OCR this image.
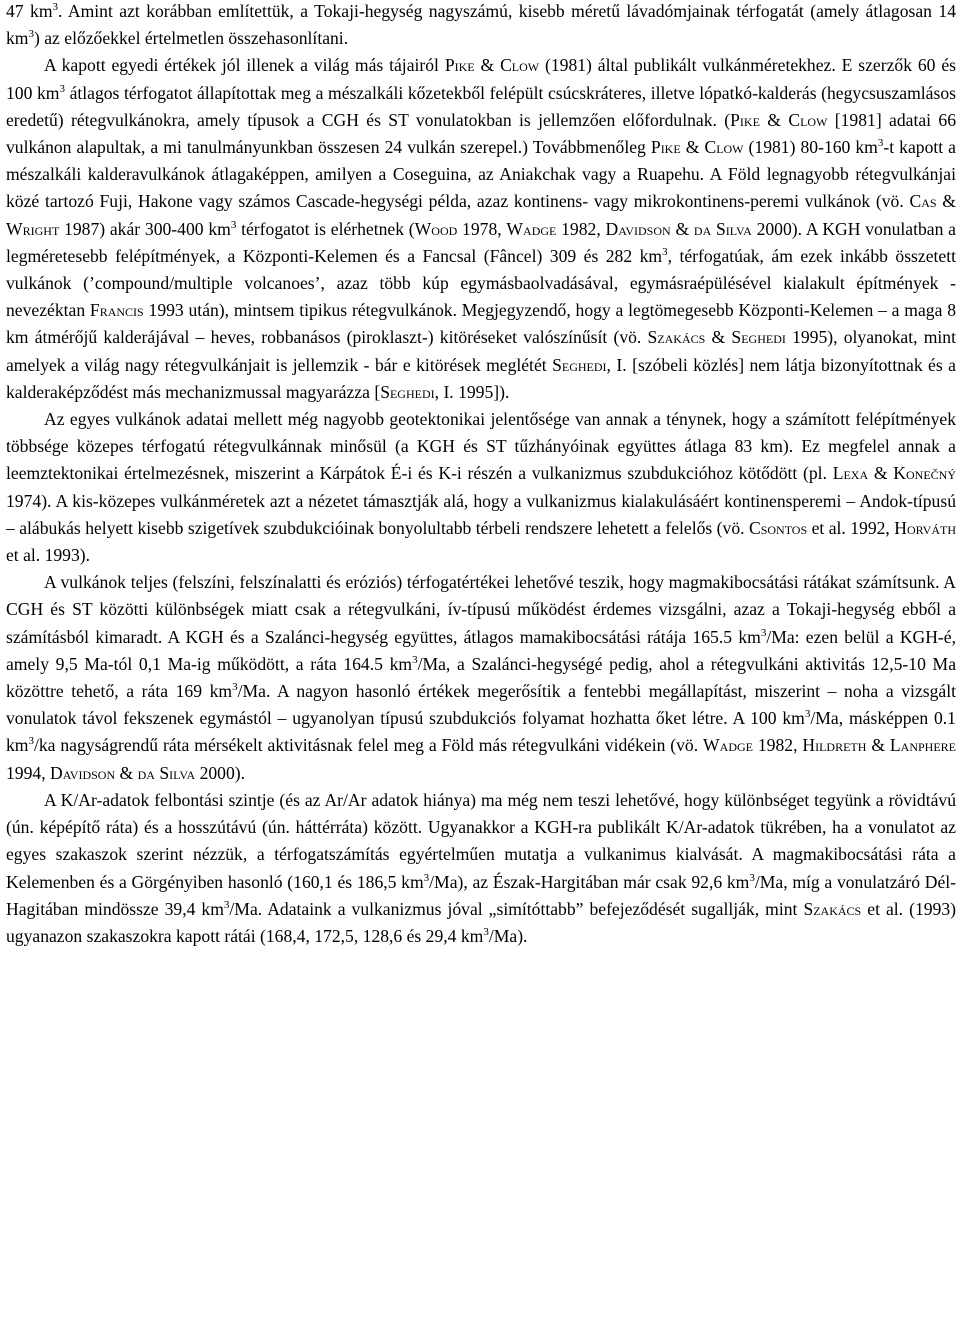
47 $km^3$. Amint azt korábban említettük, a Tokaji-hegység nagyszámú, kisebb méretű lávadómjainak térfogatát (amely átlagosan 14 $km^3$) az előzőekkel értelmetlen összehasonlítani.

A kapott egyedi értékek jól illenek a világ más tájairól Pike & Clow (1981) által publikált vulkánméretekhez. E szerzők 60 és 100 $km^3$ átlagos térfogatot állapítottak meg a mészalkáli kőzetekből felépült csúcskráteres, illetve lópatkó-kalderás (hegycsuszamlásos eredetű) rétegvulkánokra, amely típusok a CGH és ST vonulatokban is jellemzően előfordulnak. (Pike & Clow [1981] adatai 66 vulkánon alapultak, a mi tanulmányunkban összesen 24 vulkán szerepel.) Továbbmenőleg Pike & Clow (1981) 80-160 $km^3-t$ kapott a mészalkáli kalderavulkánok átlagaképpen, amilyen a Coseguina, az Aniakchak vagy a Ruapehu. A Föld legnagyobb rétegvulkánjai közé tartozó Fuji, Hakone vagy számos Cascade-hegységi példa, azaz kontinens- vagy mikrokontinens-peremi vulkánok (vö. Cas & Wright 1987) akár 300-400 $km^3$ térfogatot is elérhetnek (Wood 1978, Wadge 1982, Davidson & da Silva 2000). A KGH vonulatban a legméretesebb felépítmények, a Központi-Kelemen és a Fancsal (Fâncel) 309 és 282 $km^3$, térfogatúak, ám ezek inkább összetett vulkánok (’compound/multiple volcanoes’, azaz több kúp egymásbaolvadásával, egymásraépülésével kialakult építmények - nevezéktan Francis 1993 után), mintsem tipikus rétegvulkánok. Megjegyzendő, hogy a legtömegesebb Központi-Kelemen – a maga 8 km átmérőjű kalderájával – heves, robbanásos (piroklaszt-) kitöréseket valószínűsít (vö. Szakács & Seghedi 1995), olyanokat, mint amelyek a világ nagy rétegvulkánjait is jellemzik - bár e kitörések meglétét Seghedi, I. [szóbeli közlés] nem látja bizonyítottnak és a kalderaképződést más mechanizmussal magyarázza [Seghedi, I. 1995]).

Az egyes vulkánok adatai mellett még nagyobb geotektonikai jelentősége van annak a ténynek, hogy a számított felépítmények többsége közepes térfogatú rétegvulkánnak minősül (a KGH és ST tűzhányóinak együttes átlaga 83 km). Ez megfelel annak a leemztektonikai értelmezésnek, miszerint a Kárpátok É-i és K-i részén a vulkanizmus szubdukcióhoz kötődött (pl. Lexa & Konečný 1974). A kis-közepes vulkánméretek azt a nézetet támasztják alá, hogy a vulkanizmus kialakulásáért kontinensperemi – Andok-típusú – alábukás helyett kisebb szigetívek szubdukcióinak bonyolultabb térbeli rendszere lehetett a felelős (vö. Csontos et al. 1992, Horváth et al. 1993).

A vulkánok teljes (felszíni, felszínalatti és eróziós) térfogatértékei lehetővé teszik, hogy magmakibocsátási rátákat számítsunk. A CGH és ST közötti különbségek miatt csak a rétegvulkáni, ív-típusú működést érdemes vizsgálni, azaz a Tokaji-hegység ebből a számításból kimaradt. A KGH és a Szalánci-hegység együttes, átlagos mamakibocsátási rátája 165.5 $km^3/Ma$: ezen belül a KGH-é, amely 9,5 Ma-tól 0,1 Ma-ig működött, a ráta 164.5 $km^3/Ma$, a Szalánci-hegységé pedig, ahol a rétegvulkáni aktivitás 12,5-10 Ma közöttre tehető, a ráta 169 $km^3/Ma$. A nagyon hasonló értékek megerősítik a fentebbi megállapítást, miszerint – noha a vizsgált vonulatok távol fekszenek egymástól – ugyanolyan típusú szubdukciós folyamat hozhatta őket létre. A 100 $km^3/Ma$, másképpen 0.1 $km^3/ka$ nagyságrendű ráta mérsékelt aktivitásnak felel meg a Föld más rétegvulkáni vidékein (vö. Wadge 1982, Hildreth & Lanphere 1994, Davidson & da Silva 2000).

A K/Ar-adatok felbontási szintje (és az Ar/Ar adatok hiánya) ma még nem teszi lehetővé, hogy különbséget tegyünk a rövidtávú (ún. képépítő ráta) és a hosszútávú (ún. háttérráta) között. Ugyanakkor a KGH-ra publikált K/Ar-adatok tükrében, ha a vonulatot az egyes szakaszok szerint nézzük, a térfogatszámítás egyértelműen mutatja a vulkanimus kialvását. A magmakibocsátási ráta a Kelemenben és a Görgényiben hasonló (160,1 és 186,5 $km^3/Ma$), az Észak-Hargitában már csak 92,6 $km^3/Ma$, míg a vonulatzáró Dél-Hagitában mindössze 39,4 $km^3/Ma$. Adataink a vulkanizmus jóval „simítóttabb” befejeződését sugallják, mint Szakács et al. (1993) ugyanazon szakaszokra kapott rátái (168,4, 172,5, 128,6 és 29,4 $km^3/Ma$).
